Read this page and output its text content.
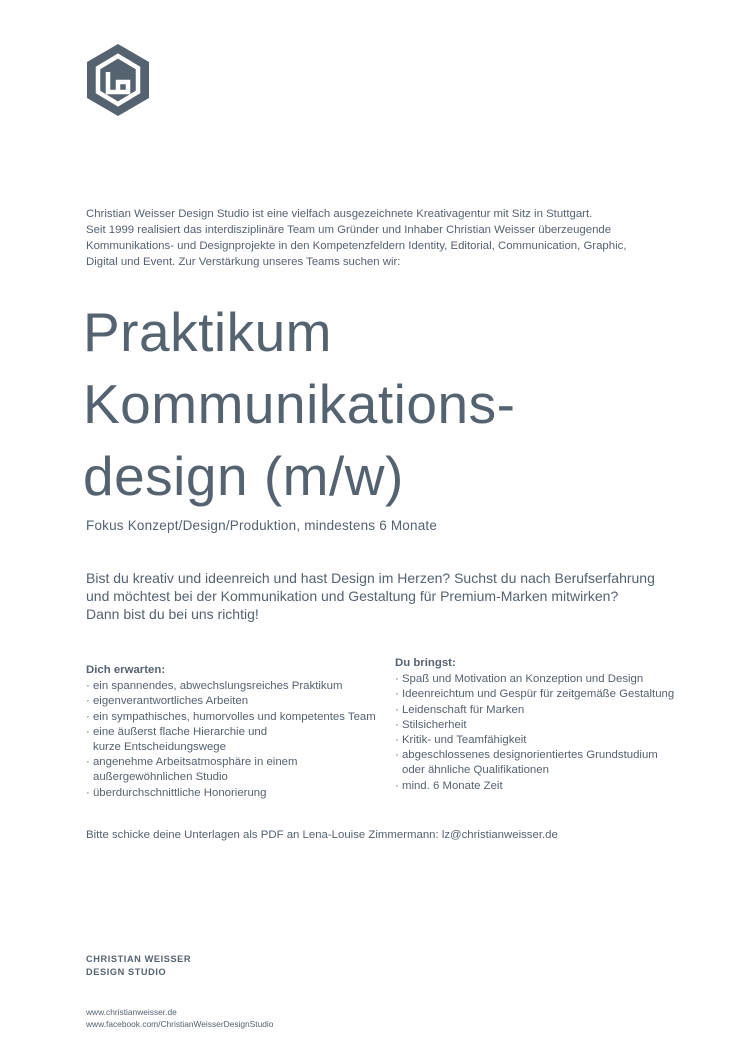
Christian Weisser Design Studio ist eine vielfach ausgezeichnete Kreativagentur mit Sitz in Stuttgart.
Seit 1999 realisiert das interdisziplinäre Team um Gründer und Inhaber Christian Weisser überzeugende
Kommunikations- und Designprojekte in den Kompetenzfeldern Identity, Editorial, Communication, Graphic,
Digital und Event. Zur Verstärkung unseres Teams suchen wir:

Praktikum
Kommunikations-
design (m/w)

Fokus Konzept/Design/Produktion, mindestens 6 Monate

Bist du kreativ und ideenreich und hast Design im Herzen? Suchst du nach Berufserfahrung
und möchtest bei der Kommunikation und Gestaltung für Premium-Marken mitwirken?
Dann bist du bei uns richtig!

Dich erwarten:
· ein spannendes, abwechslungsreiches Praktikum
· eigenverantwortliches Arbeiten
· ein sympathisches, humorvolles und kompetentes Team
· eine äußerst flache Hierarchie und
kurze Entscheidungswege
· angenehme Arbeitsatmosphäre in einem
außergewöhnlichen Studio
· überdurchschnittliche Honorierung
Du bringst:
· Spaß und Motivation an Konzeption und Design
· Ideenreichtum und Gespür für zeitgemäße Gestaltung
· Leidenschaft für Marken
· Stilsicherheit
· Kritik- und Teamfähigkeit
· abgeschlossenes designorientiertes Grundstudium
oder ähnliche Qualifikationen
· mind. 6 Monate Zeit

Bitte schicke deine Unterlagen als PDF an Lena-Louise Zimmermann: lz@christianweisser.de

CHRISTIAN WEISSER
DESIGN STUDIO
www.christianweisser.de
www.facebook.com/ChristianWeisserDesignStudio
